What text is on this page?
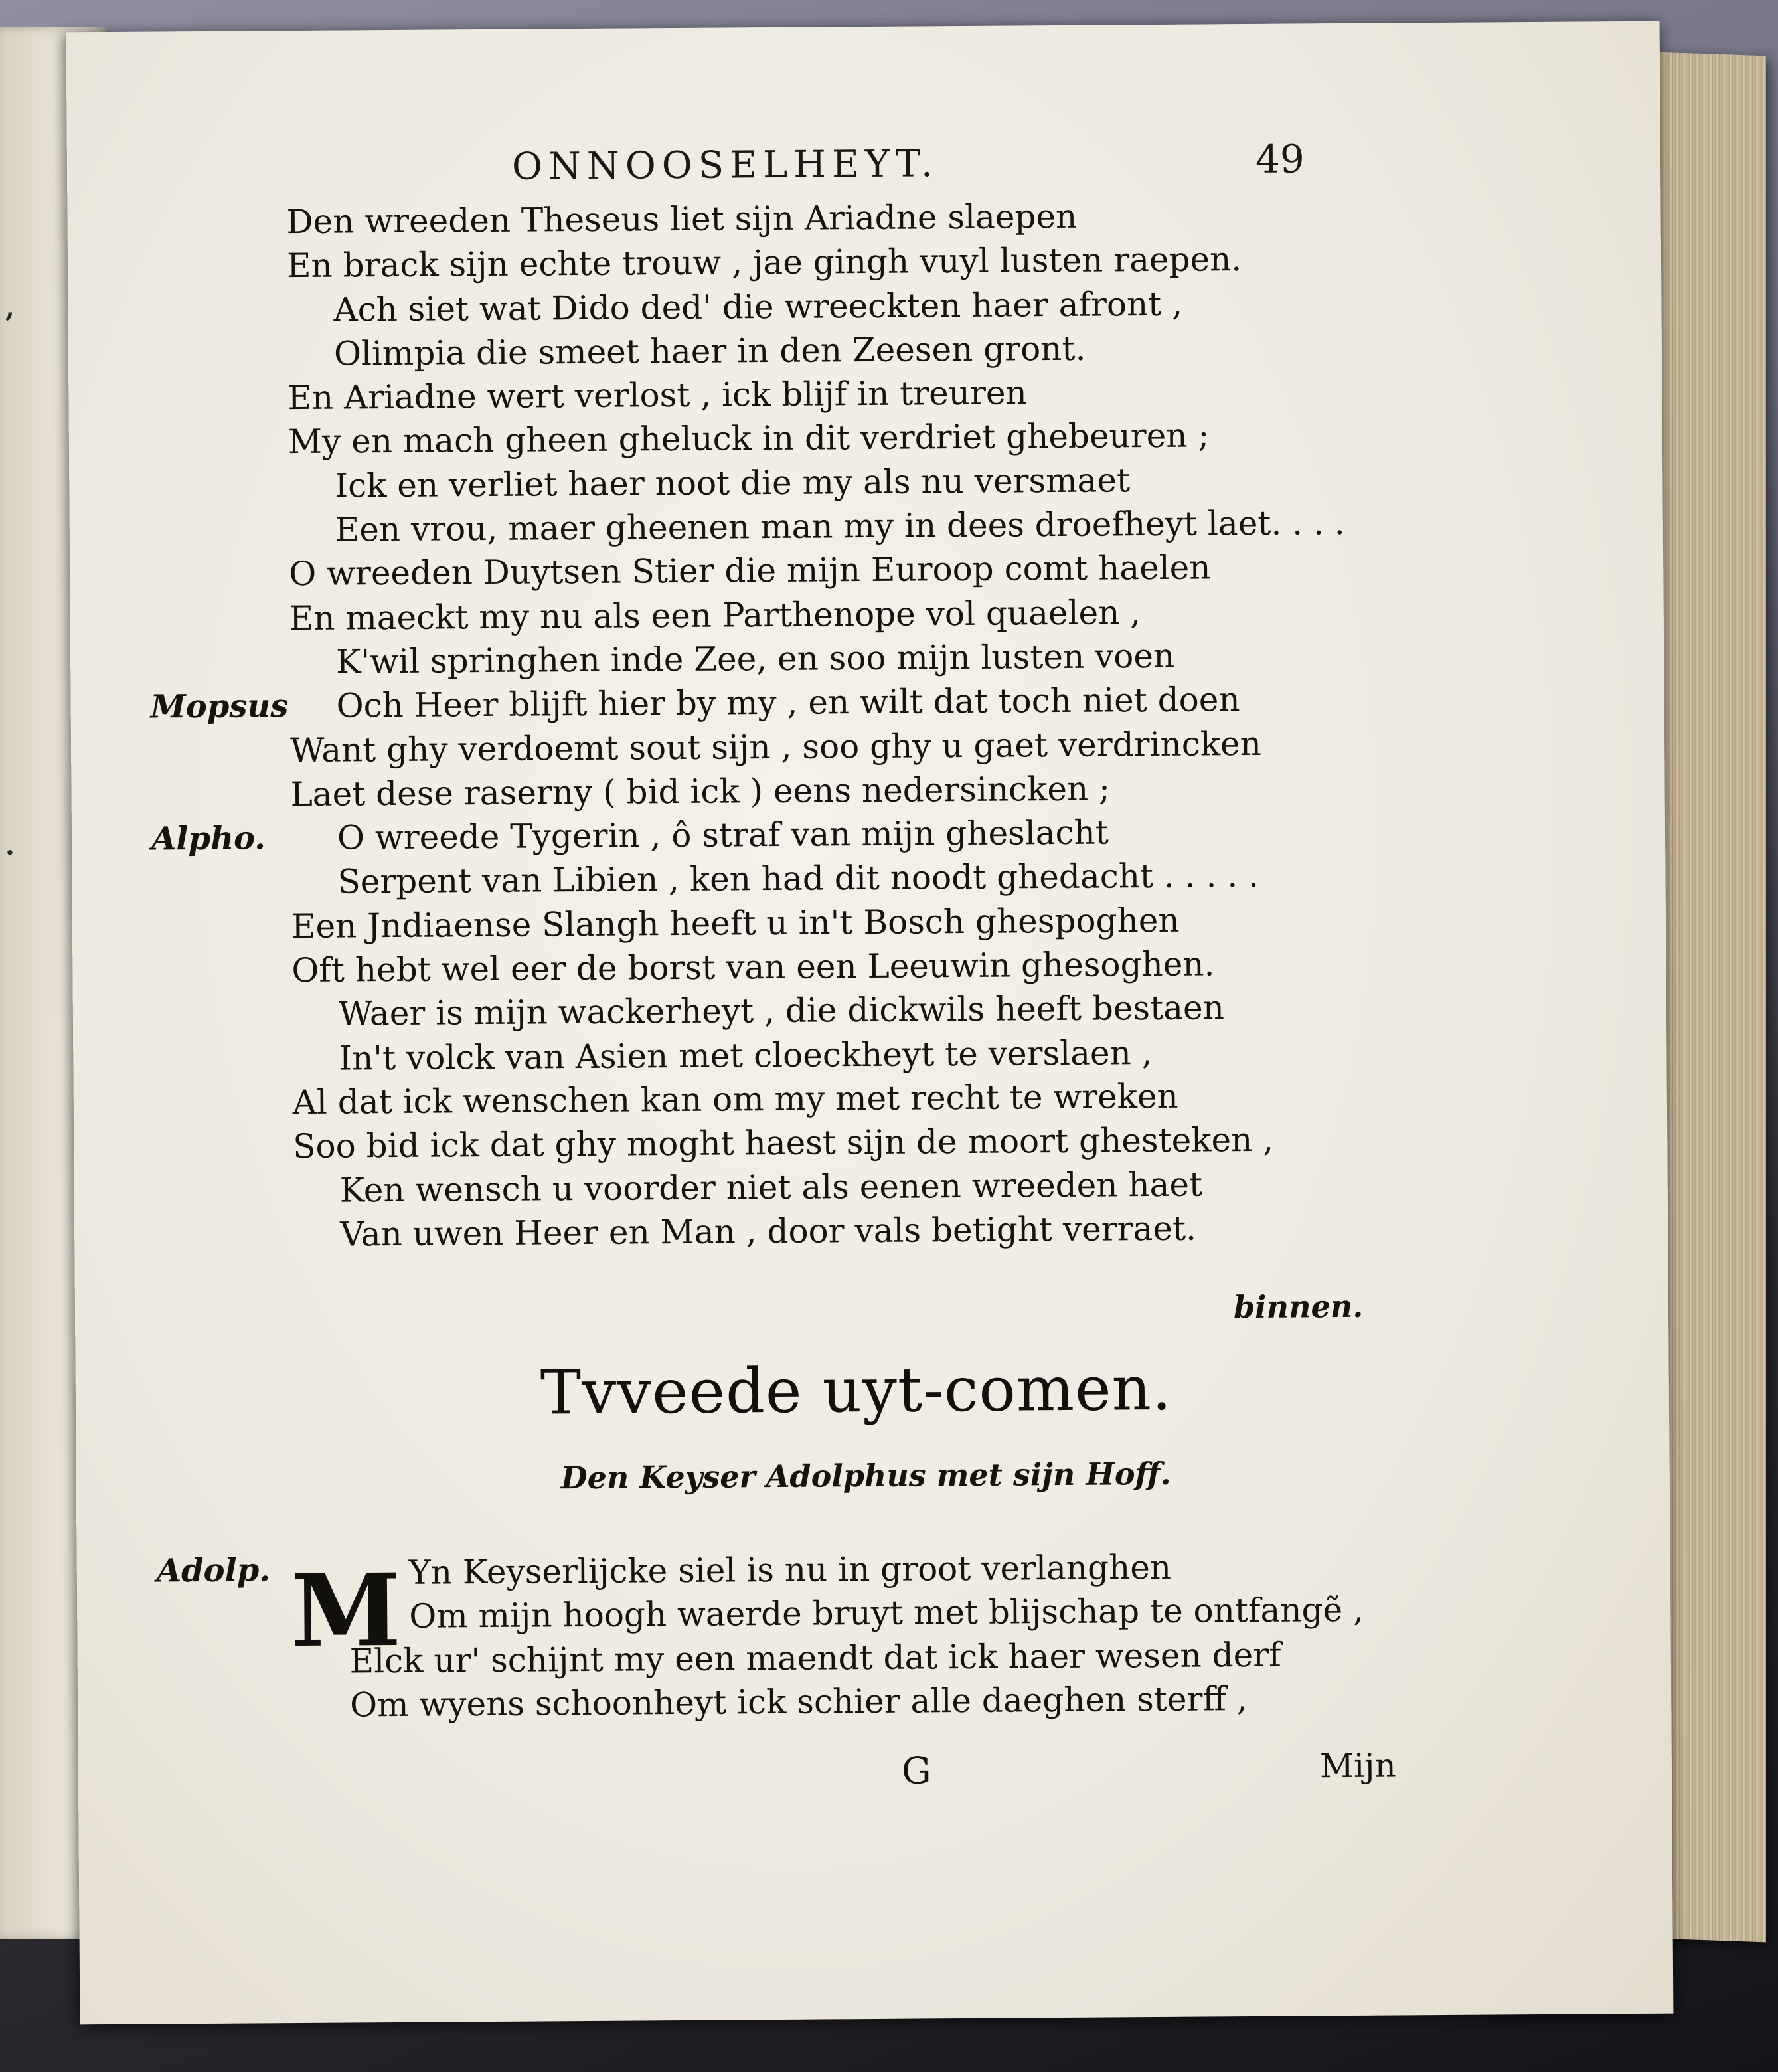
,
.
ONNOOSELHEYT.	49
Den wreeden Theseus liet sijn Ariadne slaepen
En brack sijn echte trouw , jae gingh vuyl lusten raepen.
Ach siet wat Dido ded' die wreeckten haer afront ,
Olimpia die smeet haer in den Zeesen gront.
En Ariadne wert verlost , ick blijf in treuren
My en mach gheen gheluck in dit verdriet ghebeuren ;
Ick en verliet haer noot die my als nu versmaet
Een vrou, maer gheenen man my in dees droefheyt laet. . . .
O wreeden Duytsen Stier die mijn Euroop comt haelen
En maeckt my nu als een Parthenope vol quaelen ,
K'wil springhen inde Zee, en soo mijn lusten voen
Och Heer blijft hier by my , en wilt dat toch niet doen
Mopsus
Want ghy verdoemt sout sijn , soo ghy u gaet verdrincken
Laet dese raserny ( bid ick ) eens nedersincken ;
O wreede Tygerin , ô straf van mijn gheslacht
Alpho.
Serpent van Libien , ken had dit noodt ghedacht . . . . .
Een Jndiaense Slangh heeft u in't Bosch ghespoghen
Oft hebt wel eer de borst van een Leeuwin ghesoghen.
Waer is mijn wackerheyt , die dickwils heeft bestaen
In't volck van Asien met cloeckheyt te verslaen ,
Al dat ick wenschen kan om my met recht te wreken
Soo bid ick dat ghy moght haest sijn de moort ghesteken ,
Ken wensch u voorder niet als eenen wreeden haet
Van uwen Heer en Man , door vals betight verraet.
binnen.
Tvveede uyt-comen.
Den Keyser Adolphus met sijn Hoff.
M
Adolp.	Yn Keyserlijcke siel is nu in groot verlanghen
Om mijn hoogh waerde bruyt met blijschap te ontfangẽ ,
Elck ur' schijnt my een maendt dat ick haer wesen derf
Om wyens schoonheyt ick schier alle daeghen sterff ,
G	Mijn
